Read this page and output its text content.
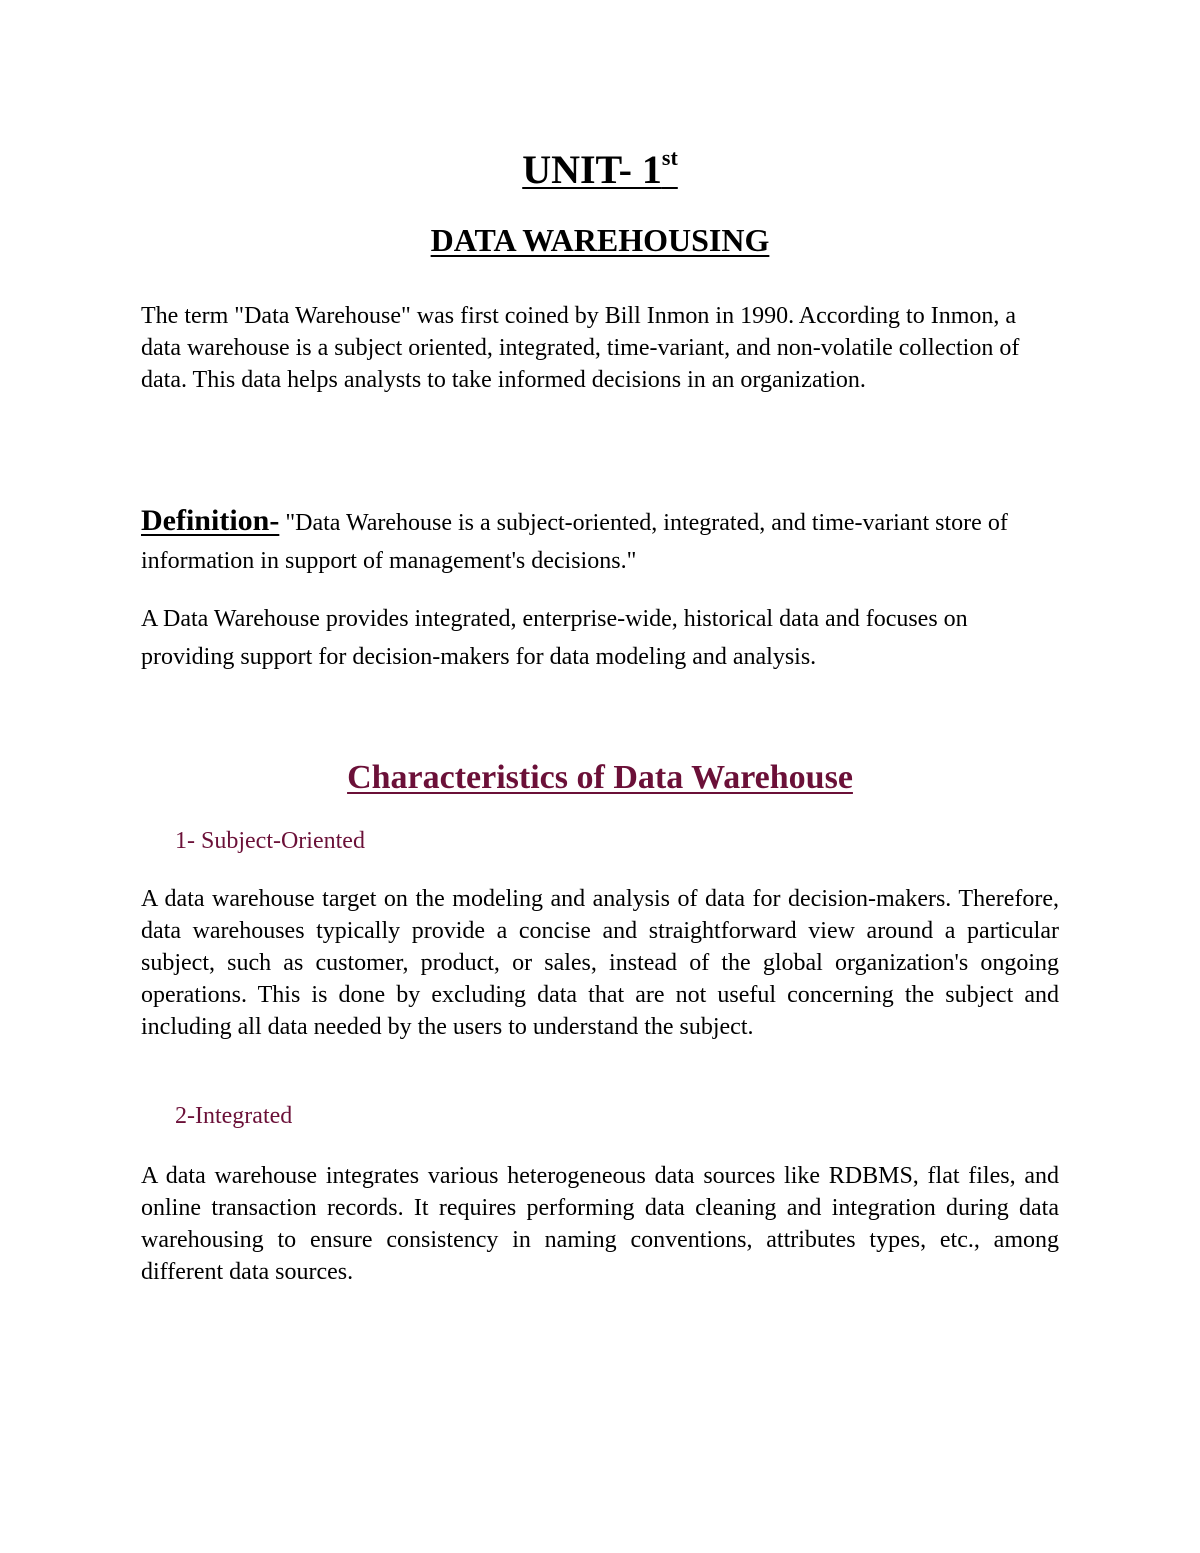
UNIT- 1st
DATA WAREHOUSING

The term "Data Warehouse" was first coined by Bill Inmon in 1990. According to Inmon, a data warehouse is a subject oriented, integrated, time-variant, and non-volatile collection of data. This data helps analysts to take informed decisions in an organization.

Definition- "Data Warehouse is a subject-oriented, integrated, and time-variant store of information in support of management's decisions."

A Data Warehouse provides integrated, enterprise-wide, historical data and focuses on providing support for decision-makers for data modeling and analysis.

Characteristics of Data Warehouse
1- Subject-Oriented

A data warehouse target on the modeling and analysis of data for decision-makers. Therefore, data warehouses typically provide a concise and straightforward view around a particular subject, such as customer, product, or sales, instead of the global organization's ongoing operations. This is done by excluding data that are not useful concerning the subject and including all data needed by the users to understand the subject.

2-Integrated

A data warehouse integrates various heterogeneous data sources like RDBMS, flat files, and online transaction records. It requires performing data cleaning and integration during data warehousing to ensure consistency in naming conventions, attributes types, etc., among different data sources.
